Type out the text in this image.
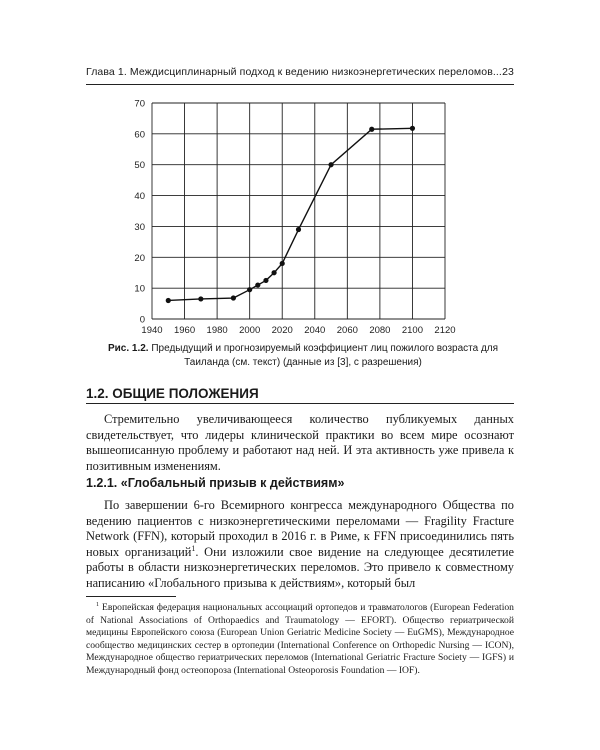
Глава 1. Междисциплинарный подход к ведению низкоэнергетических переломов... 23
1940 1960 1980 2000 2020 2040 2060 2080 2100 2120
0
10
20
30
40
50
60
70
Рис. 1.2. Предыдущий и прогнозируемый коэффициент лиц пожилого возраста для Таиланда (см. текст) (данные из [3], с разрешения)
1.2. ОБЩИЕ ПОЛОЖЕНИЯ

Стремительно увеличивающееся количество публикуемых данных свидетельствует, что лидеры клинической практики во всем мире осознают вышеописанную проблему и работают над ней. И эта активность уже привела к позитивным изменениям.

1.2.1. «Глобальный призыв к действиям»

По завершении 6-го Всемирного конгресса международного Общества по ведению пациентов с низкоэнергетическими переломами — Fragility Fracture Network (FFN), который проходил в 2016 г. в Риме, к FFN присоединились пять новых организаций$^1$. Они изложили свое видение на следующее десятилетие работы в области низкоэнергетических переломов. Это привело к совместному написанию «Глобального призыва к действиям», который был

$^1$ Европейская федерация национальных ассоциаций ортопедов и травматологов (European Federation of National Associations of Orthopaedics and Traumatology — EFORT). Общество гериатрической медицины Европейского союза (European Union Geriatric Medicine Society — EuGMS), Международное сообщество медицинских сестер в ортопедии (International Conference on Orthopedic Nursing — ICON), Международное общество гериатрических переломов (International Geriatric Fracture Society — IGFS) и Международный фонд остеопороза (International Osteoporosis Foundation — IOF).
